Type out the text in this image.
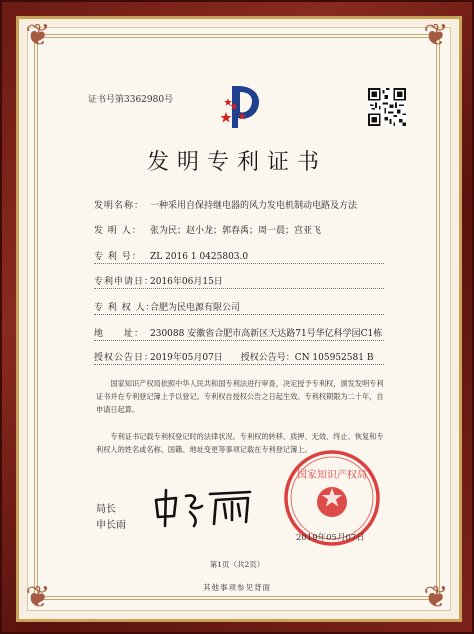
❦	❦
❦	❦
证书号第3362980号
发明专利证书
发明名称： 一种采用自保持继电器的风力发电机制动电路及方法
发 明 人： 张为民；赵小龙；郭春禹；周一晨；宫亚飞
专 利 号： ZL 2016 1 0425803.0
专利申请日：2016年06月15日
专 利 权 人：合肥为民电源有限公司
地　　址： 230088 安徽省合肥市高新区天达路71号华亿科学园C1栋
授权公告日：2019年05月07日　　授权公告号：CN 105952581 B
国家知识产权局依照中华人民共和国专利法进行审查，决定授予专利权，颁发发明专利证书并在专利登记簿上予以登记。专利权自授权公告之日起生效。专利权期限为二十年，自申请日起算。
专利证书记载专利权登记时的法律状况。专利权的转移、质押、无效、终止、恢复和专利权人的姓名或名称、国籍、地址变更等事项记载在专利登记簿上。
局长
申长雨
国家知识产权局
2019年05月07日
第1页（共2页）
其他事项参见背面
